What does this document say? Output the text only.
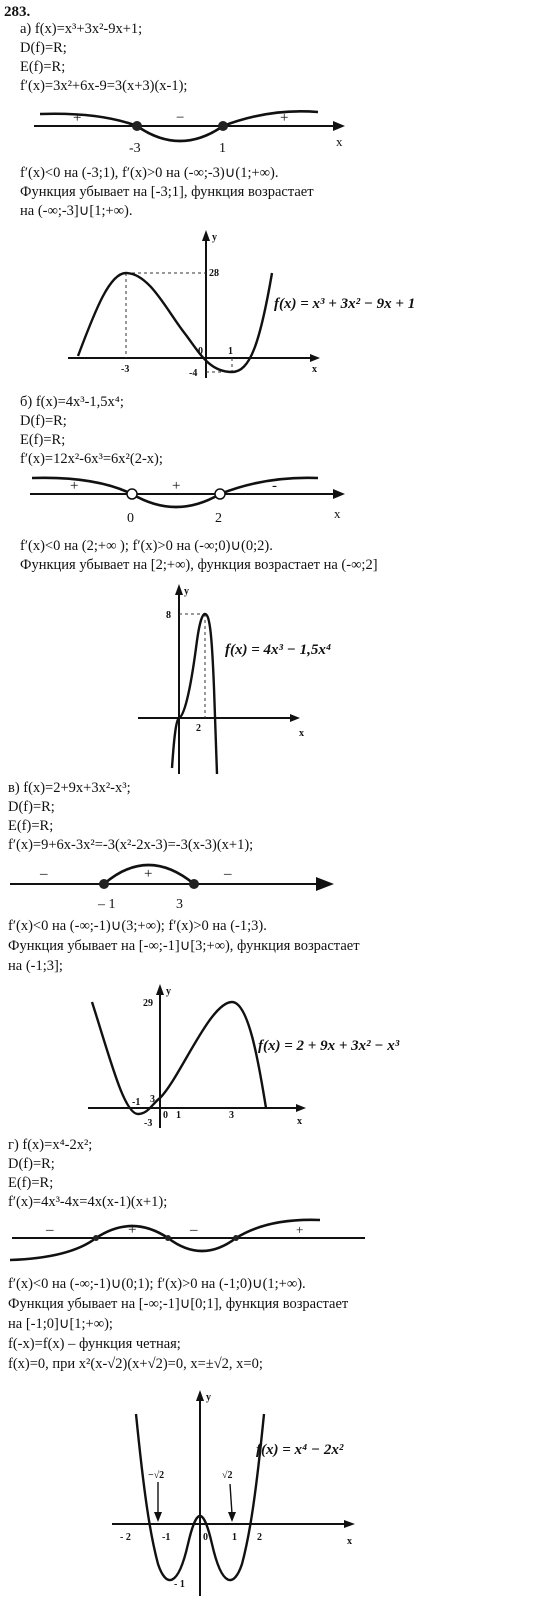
283.
а) f(x)=x³+3x²-9x+1;
D(f)=R;
E(f)=R;
f′(x)=3x²+6x-9=3(x+3)(x-1);
+	−	+
-3	1	x
f′(x)<0 на (-3;1), f′(x)>0 на (-∞;-3)∪(1;+∞).
Функция убывает на [-3;1], функция возрастает
на (-∞;-3]∪[1;+∞).
y
x
-3
0	1
28
-4
f(x) = x³ + 3x² − 9x + 1
б) f(x)=4x³-1,5x⁴;
D(f)=R;
E(f)=R;
f′(x)=12x²-6x³=6x²(2-x);
+	+	-
0	2	x
f′(x)<0 на (2;+∞ ); f′(x)>0 на (-∞;0)∪(0;2).
Функция убывает на [2;+∞), функция возрастает на (-∞;2]
y
x
8
2
f(x) = 4x³ − 1,5x⁴
в) f(x)=2+9x+3x²-x³;
D(f)=R;
E(f)=R;
f′(x)=9+6x-3x²=-3(x²-2x-3)=-3(x-3)(x+1);
–	+	–
– 1	3
f′(x)<0 на (-∞;-1)∪(3;+∞); f′(x)>0 на (-1;3).
Функция убывает на [-∞;-1]∪[3;+∞), функция возрастает
на (-1;3];
y
x
29
3
-3
-1
0 1	3
f(x) = 2 + 9x + 3x² − x³
г) f(x)=x⁴-2x²;
D(f)=R;
E(f)=R;
f′(x)=4x³-4x=4x(x-1)(x+1);
–	+	–	+
f′(x)<0 на (-∞;-1)∪(0;1); f′(x)>0 на (-1;0)∪(1;+∞).
Функция убывает на [-∞;-1]∪[0;1], функция возрастает
на [-1;0]∪[1;+∞);
f(-x)=f(x) – функция четная;
f(x)=0, при x²(x-√2)(x+√2)=0, x=±√2, x=0;
y
x
−√2	√2
- 2	-1	0 1 2
- 1
f(x) = x⁴ − 2x²
